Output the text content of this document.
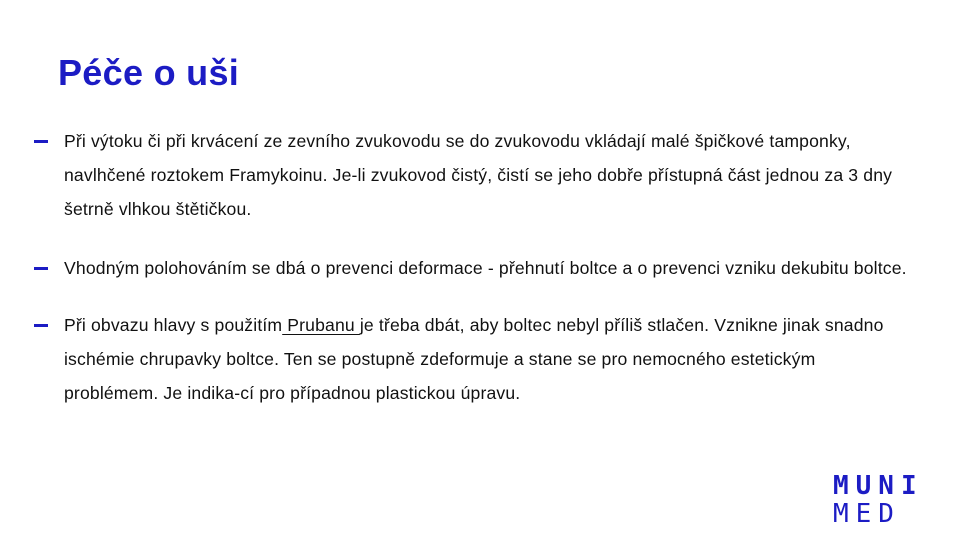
Péče o uši
Při výtoku či při krvácení ze zevního zvukovodu se do zvukovodu vkládají malé špičkové tamponky, navlhčené roztokem Framykoinu. Je-li zvukovod čistý, čistí se jeho dobře přístupná část jednou za 3 dny šetrně vlhkou štětičkou.
Vhodným polohováním se dbá o prevenci deformace - přehnutí boltce a o prevenci vzniku dekubitu boltce.
Při obvazu hlavy s použitím Prubanu je třeba dbát, aby boltec nebyl příliš stlačen. Vznikne jinak snadno ischémie chrupavky boltce. Ten se postupně zdeformuje a stane se pro nemocného estetickým problémem. Je indika-cí pro případnou plastickou úpravu.
MUNI
MED
